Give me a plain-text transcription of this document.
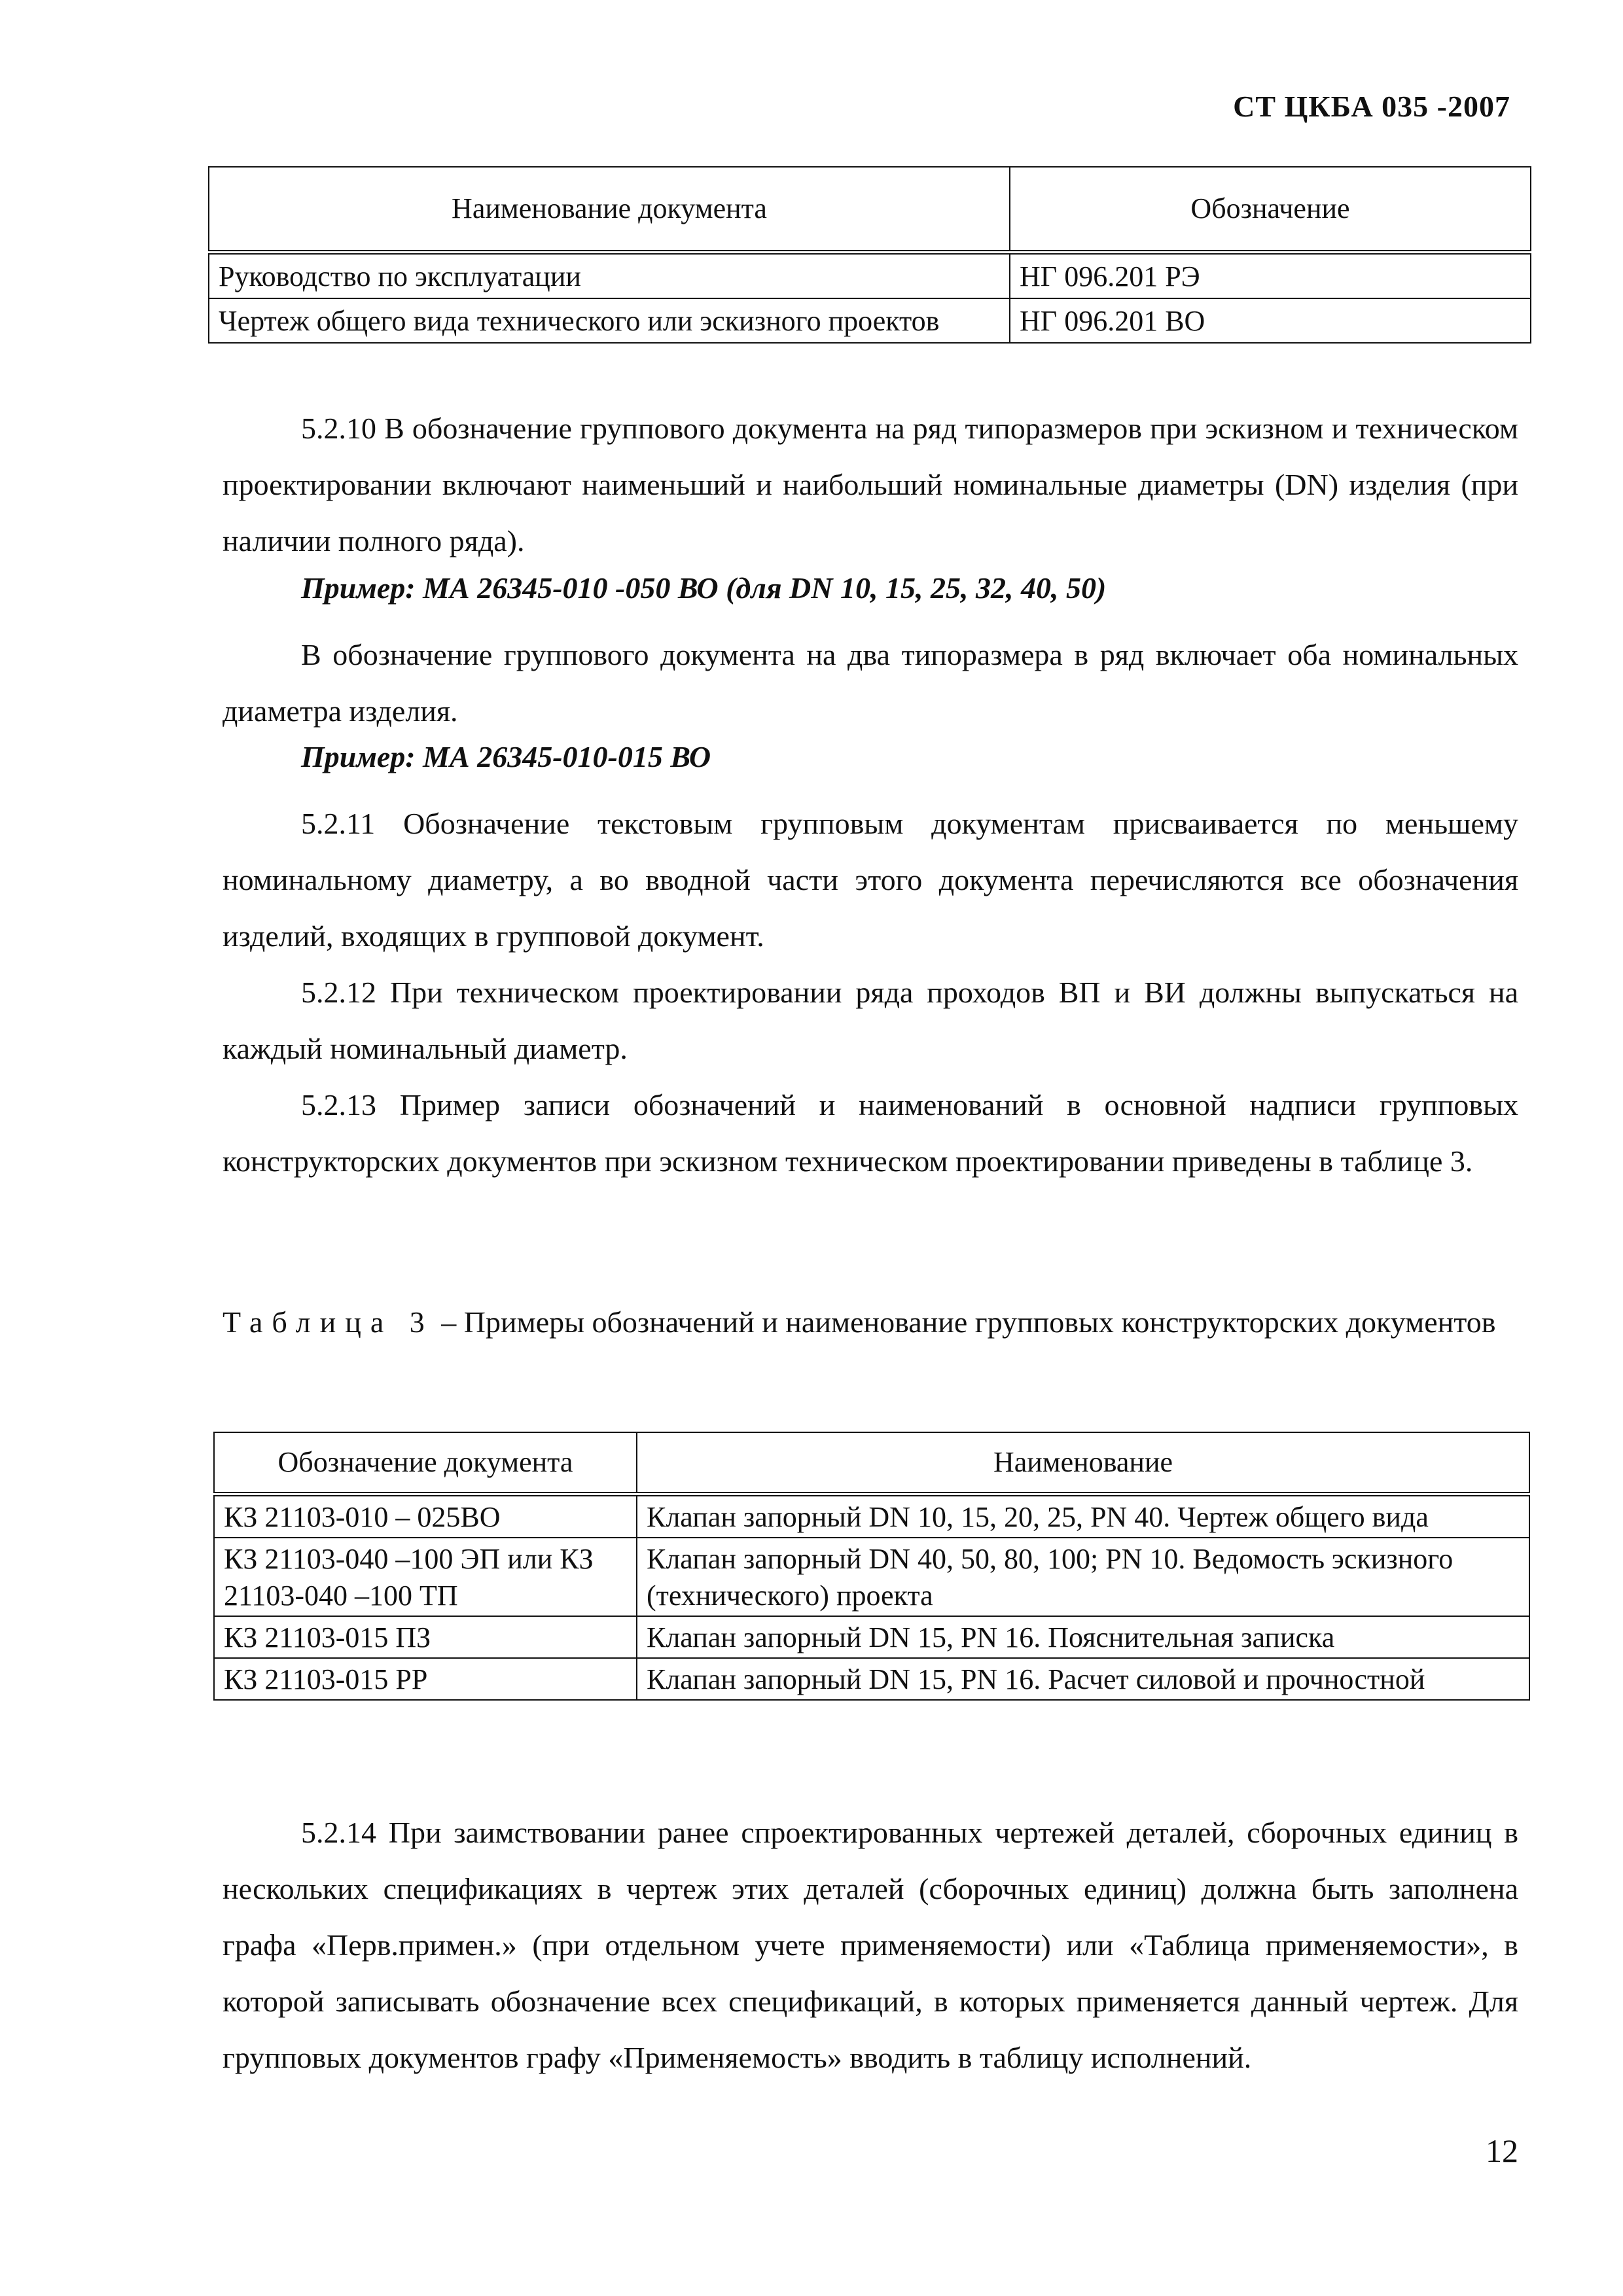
СТ ЦКБА 035 -2007
Наименование документа	Обозначение
Руководство по эксплуатации	НГ 096.201 РЭ
Чертеж общего вида технического или эскизного проектов	НГ 096.201 ВО
5.2.10 В обозначение группового документа на ряд типоразмеров при эскизном и техническом проектировании включают наименьший и наибольший номинальные диаметры (DN) изделия (при наличии полного ряда).
Пример: МА 26345-010 -050 ВО (для DN 10, 15, 25, 32, 40, 50)
В обозначение группового документа на два типоразмера в ряд включает оба номинальных диаметра изделия.
Пример: МА 26345-010-015 ВО
5.2.11 Обозначение текстовым групповым документам присваивается по меньшему номинальному диаметру, а во вводной части этого документа перечисляются все обозначения изделий, входящих в групповой документ.
5.2.12 При техническом проектировании ряда проходов ВП и ВИ должны выпускаться на каждый номинальный диаметр.
5.2.13 Пример записи обозначений и наименований в основной надписи групповых конструкторских документов при эскизном техническом проектировании приведены в таблице 3.
Таблица 3 – Примеры обозначений и наименование групповых конструкторских документов
Обозначение документа	Наименование
КЗ 21103-010 – 025ВО	Клапан запорный DN 10, 15, 20, 25, PN 40. Чертеж общего вида
КЗ 21103-040 –100 ЭП или КЗ 21103-040 –100 ТП	Клапан запорный DN 40, 50, 80, 100; PN 10. Ведомость эскизного (технического) проекта
КЗ 21103-015 ПЗ	Клапан запорный DN 15, PN 16. Пояснительная записка
КЗ 21103-015 РР	Клапан запорный DN 15, PN 16. Расчет силовой и прочностной
5.2.14 При заимствовании ранее спроектированных чертежей деталей, сборочных единиц в нескольких спецификациях в чертеж этих деталей (сборочных единиц) должна быть заполнена графа «Перв.примен.» (при отдельном учете применяемости) или «Таблица применяемости», в которой записывать обозначение всех спецификаций, в которых применяется данный чертеж. Для групповых документов графу «Применяемость» вводить в таблицу исполнений.
12
